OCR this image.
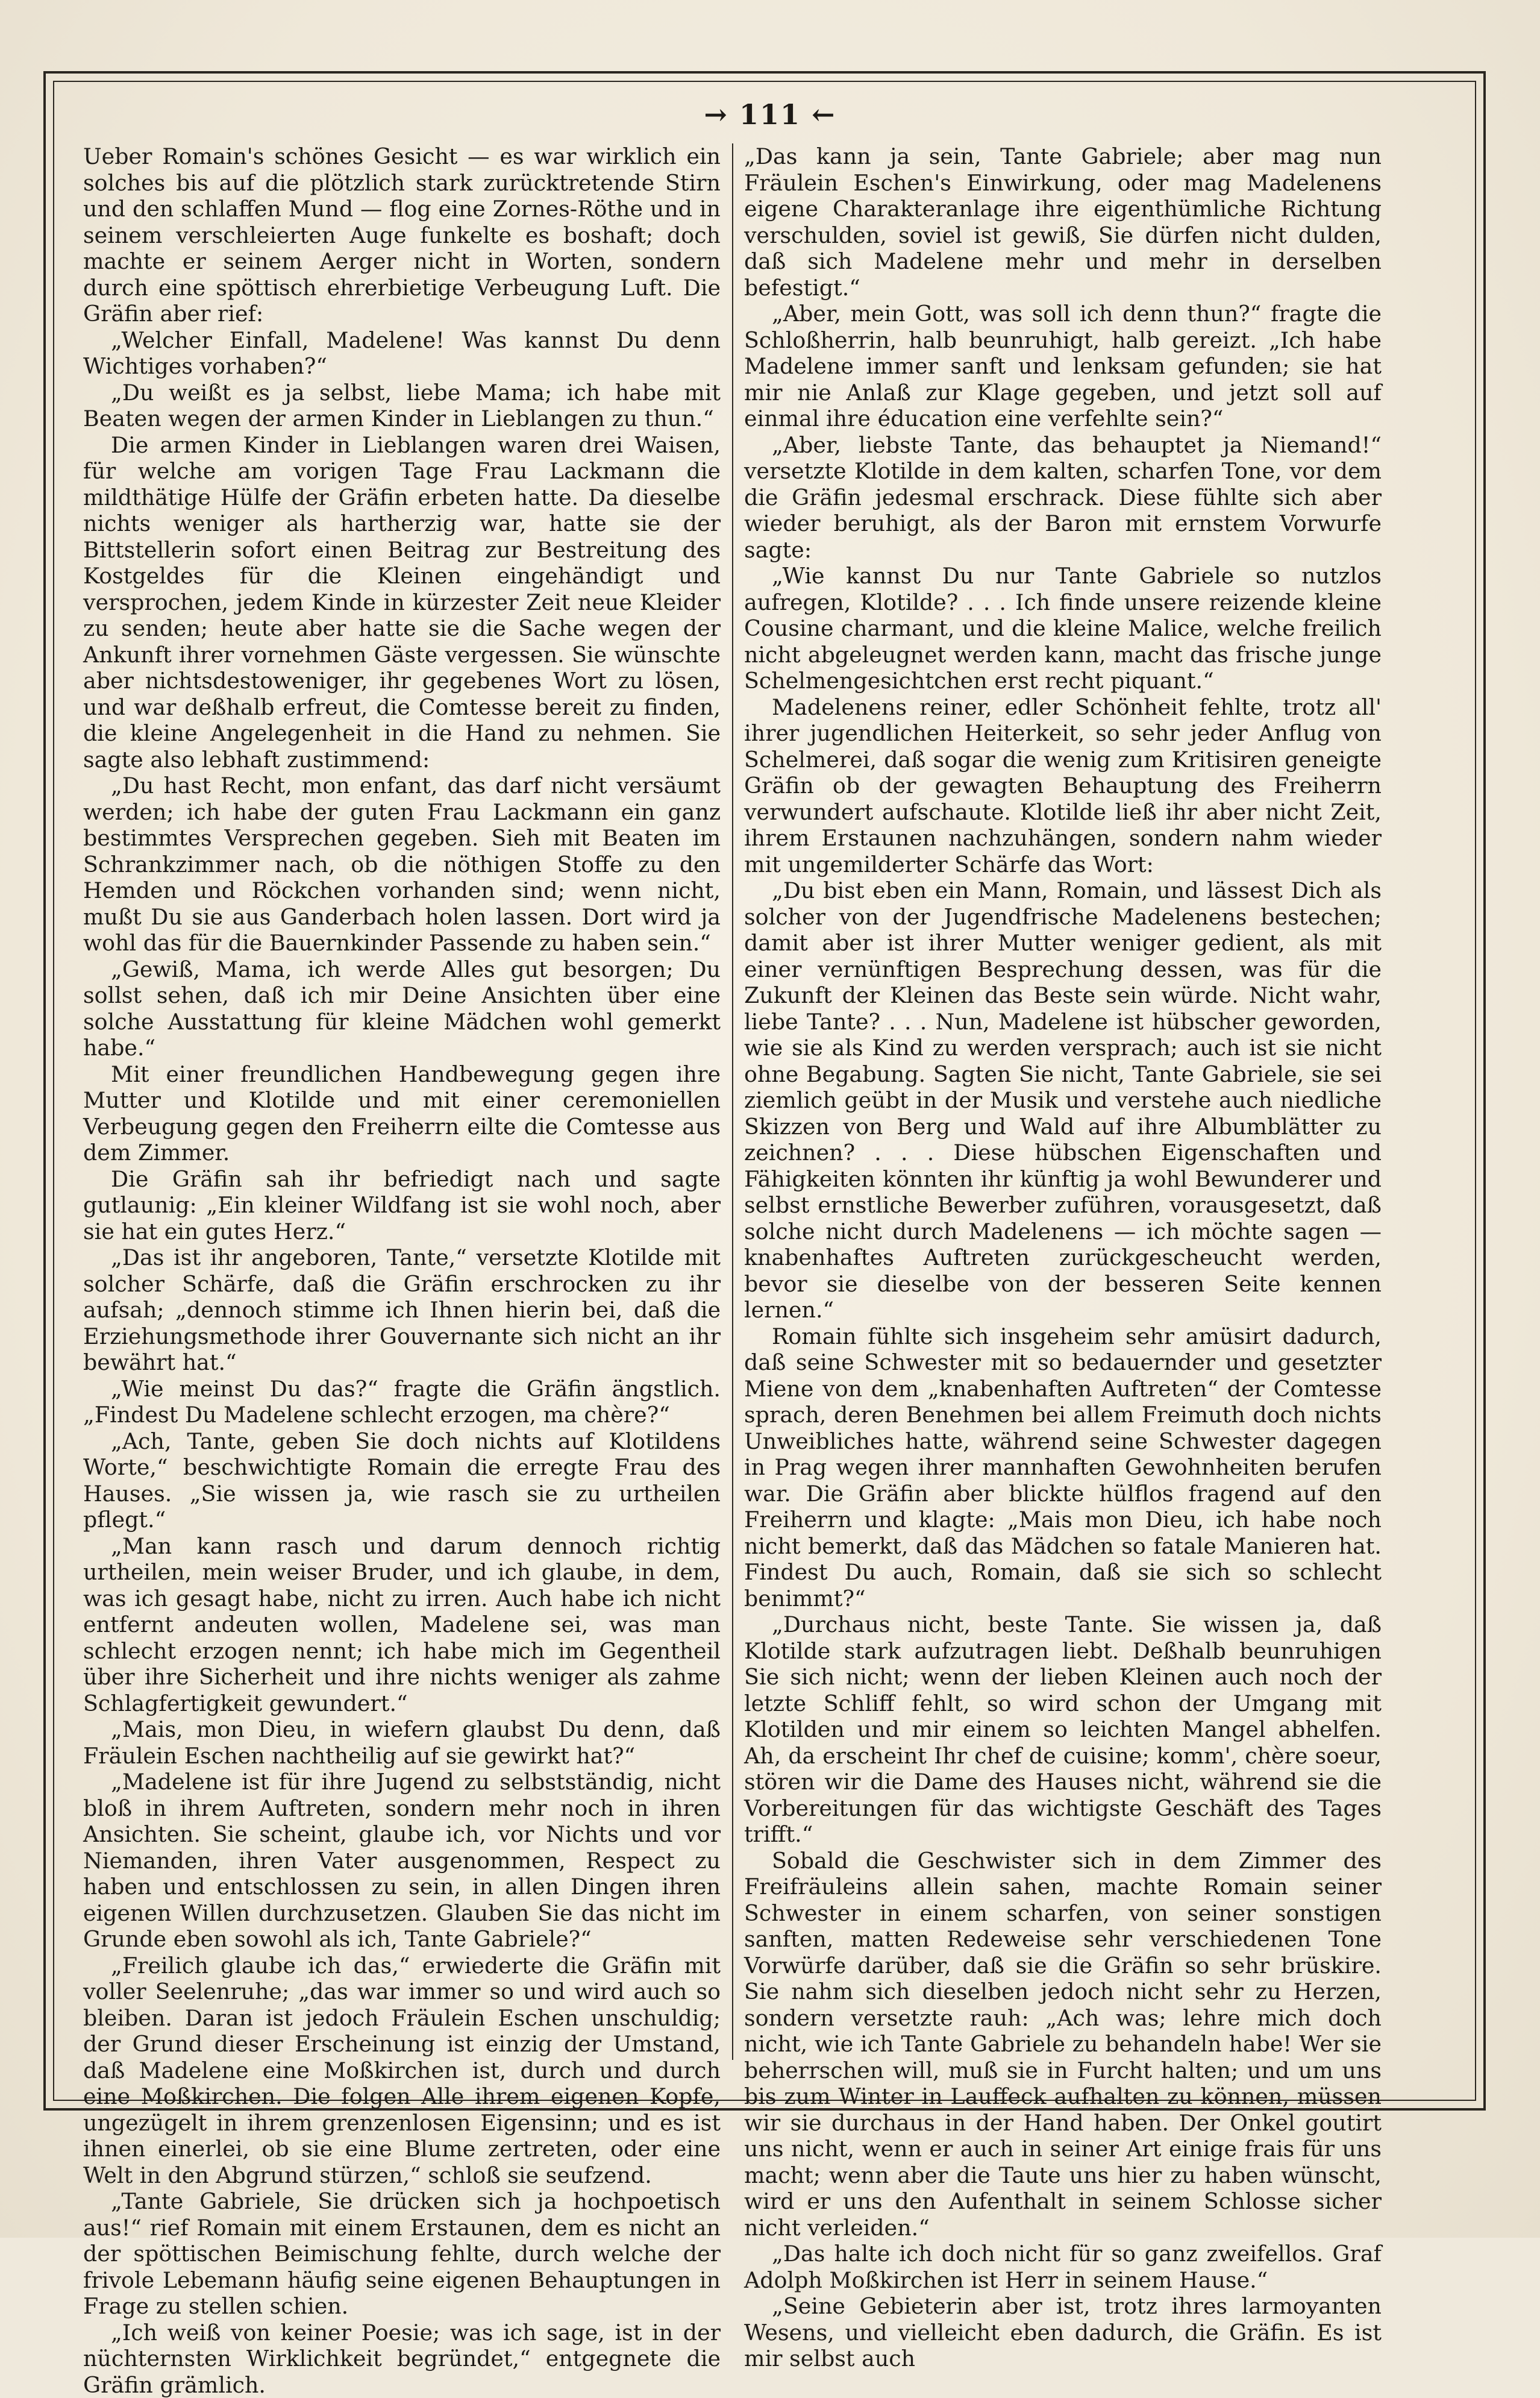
→ 111 ←

Ueber Romain's schönes Gesicht — es war wirklich ein solches bis auf die plötzlich stark zurücktretende Stirn und den schlaffen Mund — flog eine Zornes-Röthe und in seinem verschleierten Auge funkelte es boshaft; doch machte er seinem Aerger nicht in Worten, sondern durch eine spöttisch ehrerbietige Verbeugung Luft. Die Gräfin aber rief:

„Welcher Einfall, Madelene! Was kannst Du denn Wichtiges vorhaben?“

„Du weißt es ja selbst, liebe Mama; ich habe mit Beaten wegen der armen Kinder in Lieblangen zu thun.“

Die armen Kinder in Lieblangen waren drei Waisen, für welche am vorigen Tage Frau Lackmann die mildthätige Hülfe der Gräfin erbeten hatte. Da dieselbe nichts weniger als hartherzig war, hatte sie der Bittstellerin sofort einen Beitrag zur Bestreitung des Kostgeldes für die Kleinen eingehändigt und versprochen, jedem Kinde in kürzester Zeit neue Kleider zu senden; heute aber hatte sie die Sache wegen der Ankunft ihrer vornehmen Gäste vergessen. Sie wünschte aber nichtsdestoweniger, ihr gegebenes Wort zu lösen, und war deßhalb erfreut, die Comtesse bereit zu finden, die kleine Angelegenheit in die Hand zu nehmen. Sie sagte also lebhaft zustimmend:

„Du hast Recht, mon enfant, das darf nicht versäumt werden; ich habe der guten Frau Lackmann ein ganz bestimmtes Versprechen gegeben. Sieh mit Beaten im Schrankzimmer nach, ob die nöthigen Stoffe zu den Hemden und Röckchen vorhanden sind; wenn nicht, mußt Du sie aus Ganderbach holen lassen. Dort wird ja wohl das für die Bauernkinder Passende zu haben sein.“

„Gewiß, Mama, ich werde Alles gut besorgen; Du sollst sehen, daß ich mir Deine Ansichten über eine solche Ausstattung für kleine Mädchen wohl gemerkt habe.“

Mit einer freundlichen Handbewegung gegen ihre Mutter und Klotilde und mit einer ceremoniellen Verbeugung gegen den Freiherrn eilte die Comtesse aus dem Zimmer.

Die Gräfin sah ihr befriedigt nach und sagte gutlaunig: „Ein kleiner Wildfang ist sie wohl noch, aber sie hat ein gutes Herz.“

„Das ist ihr angeboren, Tante,“ versetzte Klotilde mit solcher Schärfe, daß die Gräfin erschrocken zu ihr aufsah; „dennoch stimme ich Ihnen hierin bei, daß die Erziehungsmethode ihrer Gouvernante sich nicht an ihr bewährt hat.“

„Wie meinst Du das?“ fragte die Gräfin ängstlich. „Findest Du Madelene schlecht erzogen, ma chère?“

„Ach, Tante, geben Sie doch nichts auf Klotildens Worte,“ beschwichtigte Romain die erregte Frau des Hauses. „Sie wissen ja, wie rasch sie zu urtheilen pflegt.“

„Man kann rasch und darum dennoch richtig urtheilen, mein weiser Bruder, und ich glaube, in dem, was ich gesagt habe, nicht zu irren. Auch habe ich nicht entfernt andeuten wollen, Madelene sei, was man schlecht erzogen nennt; ich habe mich im Gegentheil über ihre Sicherheit und ihre nichts weniger als zahme Schlagfertigkeit gewundert.“

„Mais, mon Dieu, in wiefern glaubst Du denn, daß Fräulein Eschen nachtheilig auf sie gewirkt hat?“

„Madelene ist für ihre Jugend zu selbstständig, nicht bloß in ihrem Auftreten, sondern mehr noch in ihren Ansichten. Sie scheint, glaube ich, vor Nichts und vor Niemanden, ihren Vater ausgenommen, Respect zu haben und entschlossen zu sein, in allen Dingen ihren eigenen Willen durchzusetzen. Glauben Sie das nicht im Grunde eben sowohl als ich, Tante Gabriele?“

„Freilich glaube ich das,“ erwiederte die Gräfin mit voller Seelenruhe; „das war immer so und wird auch so bleiben. Daran ist jedoch Fräulein Eschen unschuldig; der Grund dieser Erscheinung ist einzig der Umstand, daß Madelene eine Moßkirchen ist, durch und durch eine Moßkirchen. Die folgen Alle ihrem eigenen Kopfe, ungezügelt in ihrem grenzenlosen Eigensinn; und es ist ihnen einerlei, ob sie eine Blume zertreten, oder eine Welt in den Abgrund stürzen,“ schloß sie seufzend.

„Tante Gabriele, Sie drücken sich ja hochpoetisch aus!“ rief Romain mit einem Erstaunen, dem es nicht an der spöttischen Beimischung fehlte, durch welche der frivole Lebemann häufig seine eigenen Behauptungen in Frage zu stellen schien.

„Ich weiß von keiner Poesie; was ich sage, ist in der nüchternsten Wirklichkeit begründet,“ entgegnete die Gräfin grämlich.

„Das kann ja sein, Tante Gabriele; aber mag nun Fräulein Eschen's Einwirkung, oder mag Madelenens eigene Charakteranlage ihre eigenthümliche Richtung verschulden, soviel ist gewiß, Sie dürfen nicht dulden, daß sich Madelene mehr und mehr in derselben befestigt.“

„Aber, mein Gott, was soll ich denn thun?“ fragte die Schloßherrin, halb beunruhigt, halb gereizt. „Ich habe Madelene immer sanft und lenksam gefunden; sie hat mir nie Anlaß zur Klage gegeben, und jetzt soll auf einmal ihre éducation eine verfehlte sein?“

„Aber, liebste Tante, das behauptet ja Niemand!“ versetzte Klotilde in dem kalten, scharfen Tone, vor dem die Gräfin jedesmal erschrack. Diese fühlte sich aber wieder beruhigt, als der Baron mit ernstem Vorwurfe sagte:

„Wie kannst Du nur Tante Gabriele so nutzlos aufregen, Klotilde? . . . Ich finde unsere reizende kleine Cousine charmant, und die kleine Malice, welche freilich nicht abgeleugnet werden kann, macht das frische junge Schelmengesichtchen erst recht piquant.“

Madelenens reiner, edler Schönheit fehlte, trotz all' ihrer jugendlichen Heiterkeit, so sehr jeder Anflug von Schelmerei, daß sogar die wenig zum Kritisiren geneigte Gräfin ob der gewagten Behauptung des Freiherrn verwundert aufschaute. Klotilde ließ ihr aber nicht Zeit, ihrem Erstaunen nachzuhängen, sondern nahm wieder mit ungemilderter Schärfe das Wort:

„Du bist eben ein Mann, Romain, und lässest Dich als solcher von der Jugendfrische Madelenens bestechen; damit aber ist ihrer Mutter weniger gedient, als mit einer vernünftigen Besprechung dessen, was für die Zukunft der Kleinen das Beste sein würde. Nicht wahr, liebe Tante? . . . Nun, Madelene ist hübscher geworden, wie sie als Kind zu werden versprach; auch ist sie nicht ohne Begabung. Sagten Sie nicht, Tante Gabriele, sie sei ziemlich geübt in der Musik und verstehe auch niedliche Skizzen von Berg und Wald auf ihre Albumblätter zu zeichnen? . . . Diese hübschen Eigenschaften und Fähigkeiten könnten ihr künftig ja wohl Bewunderer und selbst ernstliche Bewerber zuführen, vorausgesetzt, daß solche nicht durch Madelenens — ich möchte sagen — knabenhaftes Auftreten zurückgescheucht werden, bevor sie dieselbe von der besseren Seite kennen lernen.“

Romain fühlte sich insgeheim sehr amüsirt dadurch, daß seine Schwester mit so bedauernder und gesetzter Miene von dem „knabenhaften Auftreten“ der Comtesse sprach, deren Benehmen bei allem Freimuth doch nichts Unweibliches hatte, während seine Schwester dagegen in Prag wegen ihrer mannhaften Gewohnheiten berufen war. Die Gräfin aber blickte hülflos fragend auf den Freiherrn und klagte: „Mais mon Dieu, ich habe noch nicht bemerkt, daß das Mädchen so fatale Manieren hat. Findest Du auch, Romain, daß sie sich so schlecht benimmt?“

„Durchaus nicht, beste Tante. Sie wissen ja, daß Klotilde stark aufzutragen liebt. Deßhalb beunruhigen Sie sich nicht; wenn der lieben Kleinen auch noch der letzte Schliff fehlt, so wird schon der Umgang mit Klotilden und mir einem so leichten Mangel abhelfen. Ah, da erscheint Ihr chef de cuisine; komm', chère soeur, stören wir die Dame des Hauses nicht, während sie die Vorbereitungen für das wichtigste Geschäft des Tages trifft.“

Sobald die Geschwister sich in dem Zimmer des Freifräuleins allein sahen, machte Romain seiner Schwester in einem scharfen, von seiner sonstigen sanften, matten Redeweise sehr verschiedenen Tone Vorwürfe darüber, daß sie die Gräfin so sehr brüskire. Sie nahm sich dieselben jedoch nicht sehr zu Herzen, sondern versetzte rauh: „Ach was; lehre mich doch nicht, wie ich Tante Gabriele zu behandeln habe! Wer sie beherrschen will, muß sie in Furcht halten; und um uns bis zum Winter in Lauffeck aufhalten zu können, müssen wir sie durchaus in der Hand haben. Der Onkel goutirt uns nicht, wenn er auch in seiner Art einige frais für uns macht; wenn aber die Taute uns hier zu haben wünscht, wird er uns den Aufenthalt in seinem Schlosse sicher nicht verleiden.“

„Das halte ich doch nicht für so ganz zweifellos. Graf Adolph Moßkirchen ist Herr in seinem Hause.“

„Seine Gebieterin aber ist, trotz ihres larmoyanten Wesens, und vielleicht eben dadurch, die Gräfin. Es ist mir selbst auch
